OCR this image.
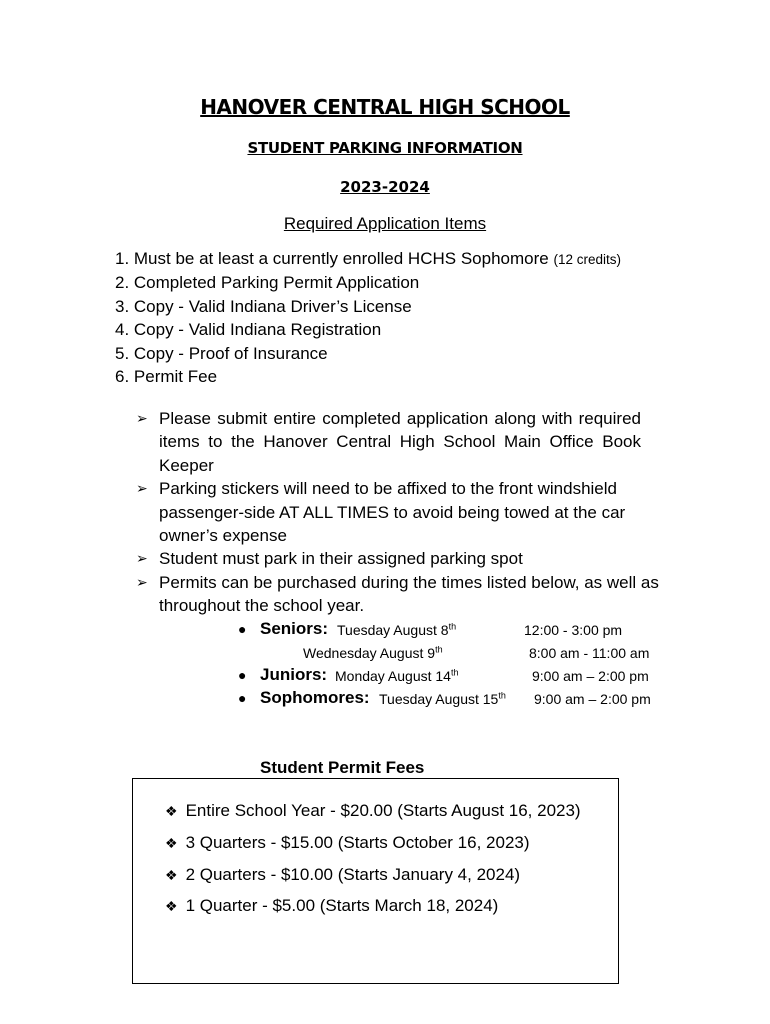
HANOVER CENTRAL HIGH SCHOOL
STUDENT PARKING INFORMATION
2023-2024
Required Application Items
1. Must be at least a currently enrolled HCHS Sophomore (12 credits)
2. Completed Parking Permit Application
3. Copy - Valid Indiana Driver’s License
4. Copy - Valid Indiana Registration
5. Copy - Proof of Insurance
6. Permit Fee
➢ Please submit entire completed application along with required items to the Hanover Central High School Main Office Book Keeper
➢ Parking stickers will need to be affixed to the front windshield passenger-side AT ALL TIMES to avoid being towed at the car owner’s expense
➢ Student must park in their assigned parking spot
➢ Permits can be purchased during the times listed below, as well as throughout the school year.
● Seniors: Tuesday August 8th	12:00 - 3:00 pm
Wednesday August 9th	8:00 am - 11:00 am
● Juniors: Monday August 14th	9:00 am – 2:00 pm
● Sophomores: Tuesday August 15th 9:00 am – 2:00 pm
Student Permit Fees
❖ Entire School Year - $20.00 (Starts August 16, 2023)
❖ 3 Quarters - $15.00 (Starts October 16, 2023)
❖ 2 Quarters - $10.00 (Starts January 4, 2024)
❖ 1 Quarter - $5.00 (Starts March 18, 2024)
